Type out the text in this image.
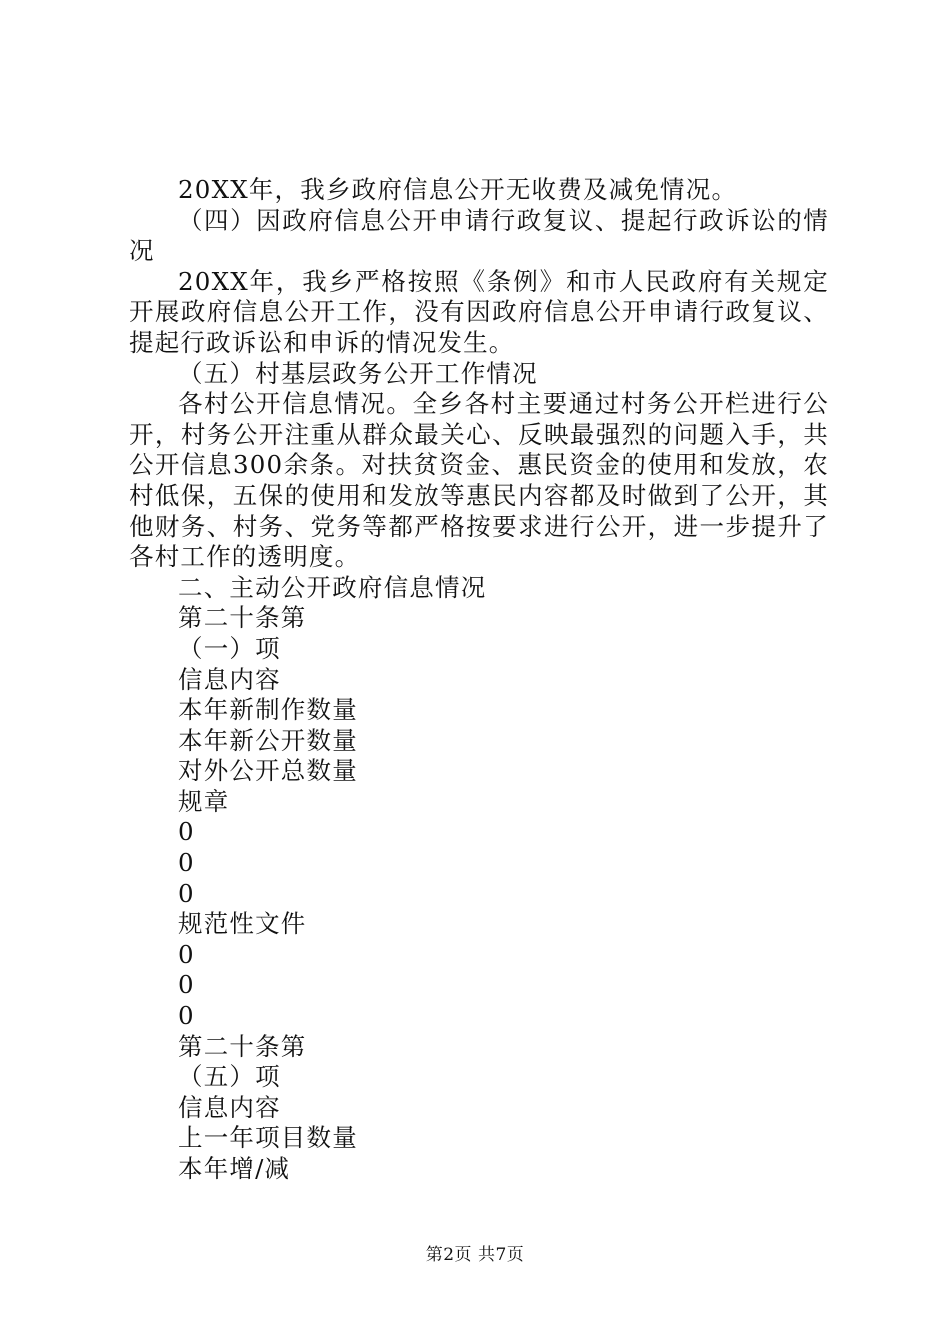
20XX年，我乡政府信息公开无收费及减免情况。

（四）因政府信息公开申请行政复议、提起行政诉讼的情况

20XX年，我乡严格按照《条例》和市人民政府有关规定开展政府信息公开工作，没有因政府信息公开申请行政复议、提起行政诉讼和申诉的情况发生。

（五）村基层政务公开工作情况

各村公开信息情况。全乡各村主要通过村务公开栏进行公开，村务公开注重从群众最关心、反映最强烈的问题入手，共公开信息300余条。对扶贫资金、惠民资金的使用和发放，农村低保，五保的使用和发放等惠民内容都及时做到了公开，其他财务、村务、党务等都严格按要求进行公开，进一步提升了各村工作的透明度。

二、主动公开政府信息情况

第二十条第

（一）项

信息内容

本年新制作数量

本年新公开数量

对外公开总数量

规章

0

0

0

规范性文件

0

0

0

第二十条第

（五）项

信息内容

上一年项目数量

本年增/减

第2页 共7页
